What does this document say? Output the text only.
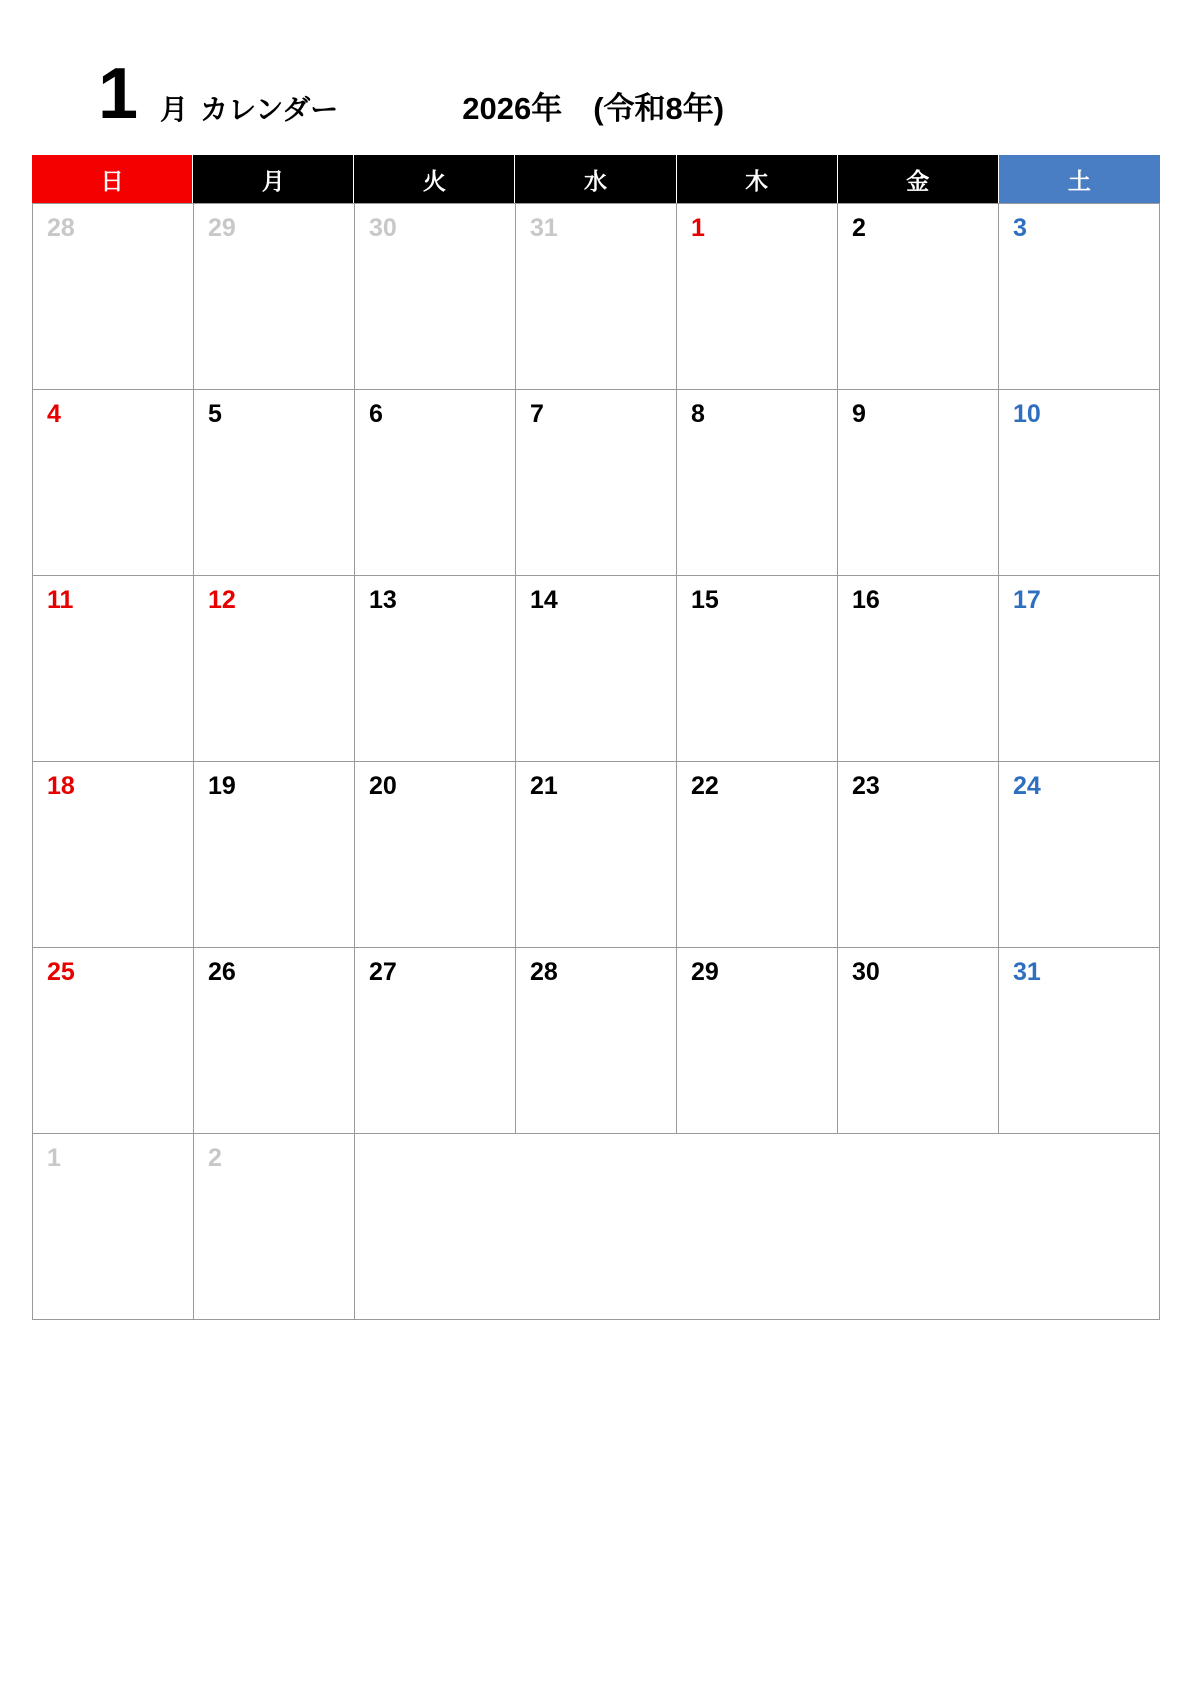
1 月 カレンダー	2026年　(令和8年)
日	月	火	水	木	金	土
28	29	30	31	1	2	3
4	5	6	7	8	9	10
11	12	13	14	15	16	17
18	19	20	21	22	23	24
25	26	27	28	29	30	31
1	2
